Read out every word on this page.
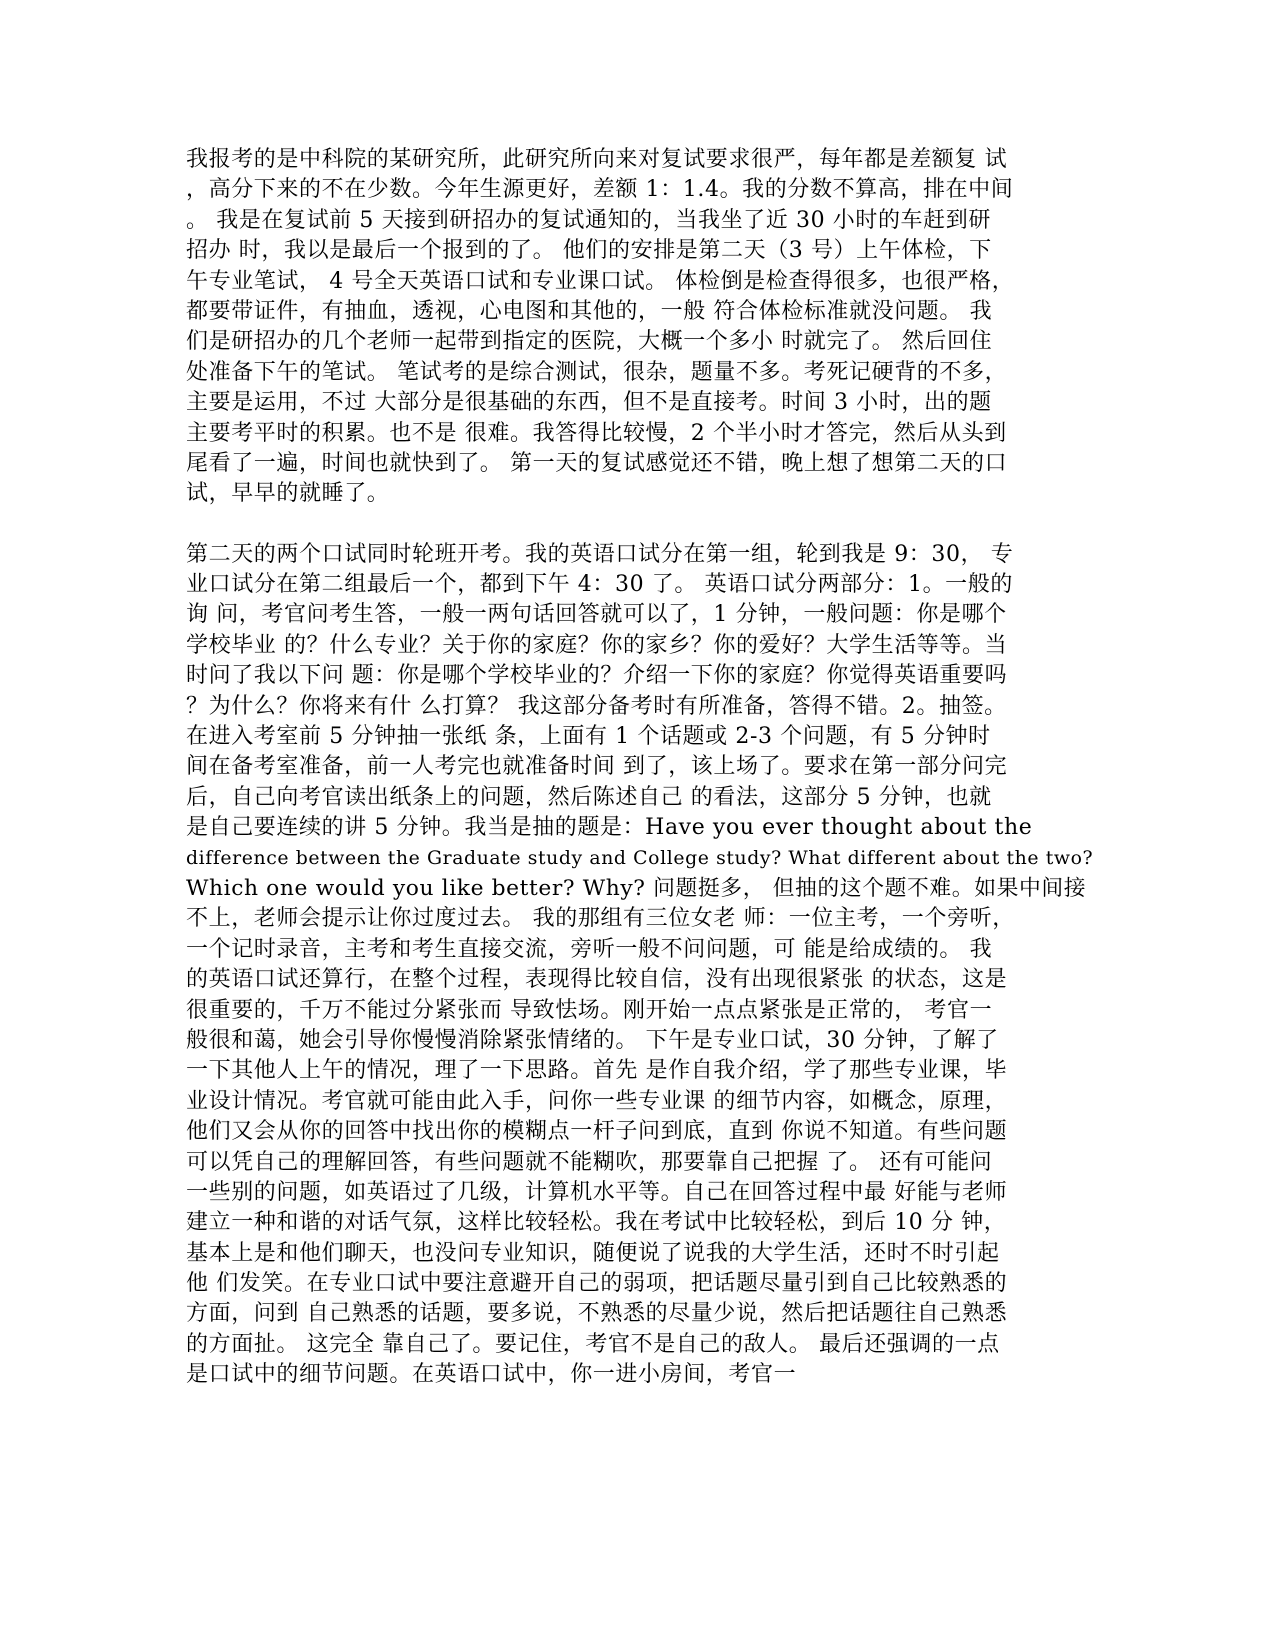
我报考的是中科院的某研究所，此研究所向来对复试要求很严，每年都是差额复 试
，高分下来的不在少数。今年生源更好，差额 1：1.4。我的分数不算高，排在中间
。 我是在复试前 5 天接到研招办的复试通知的，当我坐了近 30 小时的车赶到研
招办 时，我以是最后一个报到的了。 他们的安排是第二天（3 号）上午体检，下
午专业笔试， 4 号全天英语口试和专业课口试。 体检倒是检查得很多，也很严格，
都要带证件，有抽血，透视，心电图和其他的，一般 符合体检标准就没问题。 我
们是研招办的几个老师一起带到指定的医院，大概一个多小 时就完了。 然后回住
处准备下午的笔试。 笔试考的是综合测试，很杂，题量不多。考死记硬背的不多，
主要是运用，不过 大部分是很基础的东西，但不是直接考。时间 3 小时，出的题
主要考平时的积累。也不是 很难。我答得比较慢，2 个半小时才答完，然后从头到
尾看了一遍，时间也就快到了。 第一天的复试感觉还不错，晚上想了想第二天的口
试，早早的就睡了。
第二天的两个口试同时轮班开考。我的英语口试分在第一组，轮到我是 9：30， 专
业口试分在第二组最后一个，都到下午 4：30 了。 英语口试分两部分：1。一般的
询 问，考官问考生答，一般一两句话回答就可以了，1 分钟，一般问题：你是哪个
学校毕业 的？什么专业？关于你的家庭？你的家乡？你的爱好？大学生活等等。当
时问了我以下问 题：你是哪个学校毕业的？介绍一下你的家庭？你觉得英语重要吗
？为什么？你将来有什 么打算？ 我这部分备考时有所准备，答得不错。2。抽签。
在进入考室前 5 分钟抽一张纸 条，上面有 1 个话题或 2-3 个问题，有 5 分钟时
间在备考室准备，前一人考完也就准备时间 到了，该上场了。要求在第一部分问完
后，自己向考官读出纸条上的问题，然后陈述自己 的看法，这部分 5 分钟，也就
是自己要连续的讲 5 分钟。我当是抽的题是：Have you ever thought about the
difference between the Graduate study and College study? What different about the two?
Which one would you like better? Why? 问题挺多， 但抽的这个题不难。如果中间接
不上，老师会提示让你过度过去。 我的那组有三位女老 师：一位主考，一个旁听，
一个记时录音，主考和考生直接交流，旁听一般不问问题，可 能是给成绩的。 我
的英语口试还算行，在整个过程，表现得比较自信，没有出现很紧张 的状态，这是
很重要的，千万不能过分紧张而 导致怯场。刚开始一点点紧张是正常的， 考官一
般很和蔼，她会引导你慢慢消除紧张情绪的。 下午是专业口试，30 分钟，了解了
一下其他人上午的情况，理了一下思路。首先 是作自我介绍，学了那些专业课，毕
业设计情况。考官就可能由此入手，问你一些专业课 的细节内容，如概念，原理，
他们又会从你的回答中找出你的模糊点一杆子问到底，直到 你说不知道。有些问题
可以凭自己的理解回答，有些问题就不能糊吹，那要靠自己把握 了。 还有可能问
一些别的问题，如英语过了几级，计算机水平等。自己在回答过程中最 好能与老师
建立一种和谐的对话气氛，这样比较轻松。我在考试中比较轻松，到后 10 分 钟，
基本上是和他们聊天，也没问专业知识，随便说了说我的大学生活，还时不时引起
他 们发笑。在专业口试中要注意避开自己的弱项，把话题尽量引到自己比较熟悉的
方面，问到 自己熟悉的话题，要多说，不熟悉的尽量少说，然后把话题往自己熟悉
的方面扯。 这完全 靠自己了。要记住，考官不是自己的敌人。 最后还强调的一点
是口试中的细节问题。在英语口试中，你一进小房间，考官一
